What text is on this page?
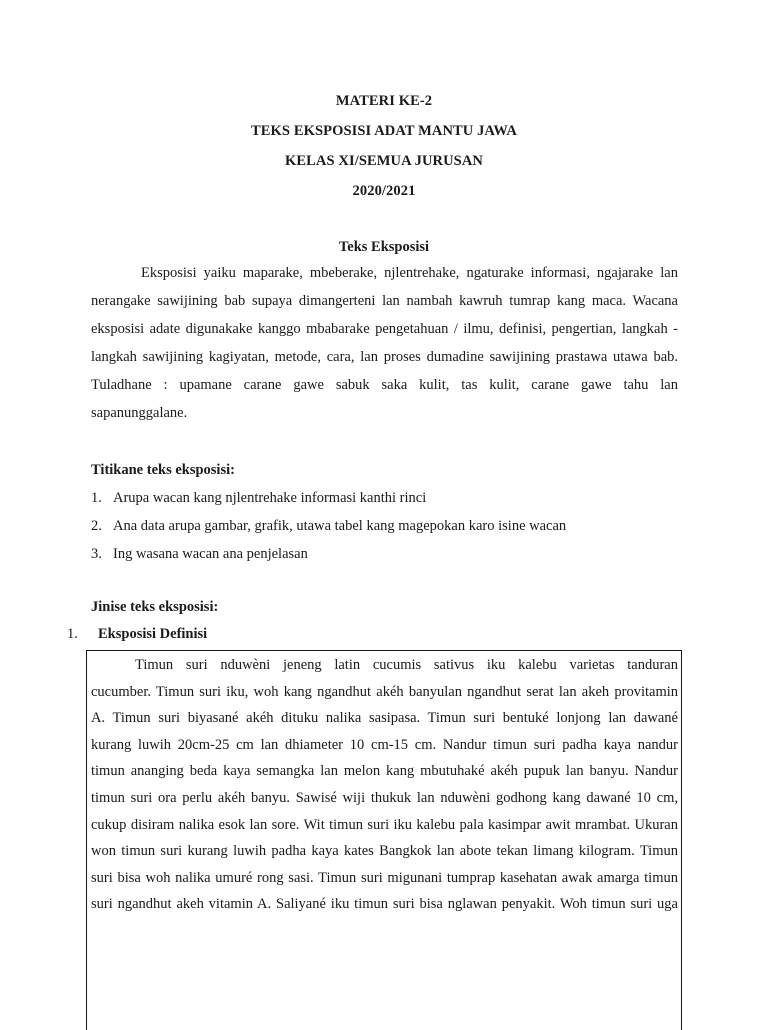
MATERI KE-2
TEKS EKSPOSISI ADAT MANTU JAWA
KELAS XI/SEMUA JURUSAN
2020/2021
Teks Eksposisi
Eksposisi yaiku maparake, mbeberake, njlentrehake, ngaturake informasi, ngajarake lan
nerangake sawijining bab supaya dimangerteni lan nambah kawruh tumrap kang maca. Wacana
eksposisi adate digunakake kanggo mbabarake pengetahuan / ilmu, definisi, pengertian, langkah -
langkah sawijining kagiyatan, metode, cara, lan proses dumadine sawijining prastawa utawa bab.
Tuladhane : upamane carane gawe sabuk saka kulit, tas kulit, carane gawe tahu lan
sapanunggalane.
Titikane teks eksposisi:
1. Arupa wacan kang njlentrehake informasi kanthi rinci
2. Ana data arupa gambar, grafik, utawa tabel kang magepokan karo isine wacan
3. Ing wasana wacan ana penjelasan
Jinise teks eksposisi:
1. Eksposisi Definisi
Timun suri nduwèni jeneng latin cucumis sativus iku kalebu varietas tanduran
cucumber. Timun suri iku, woh kang ngandhut akéh banyulan ngandhut serat lan akeh provitamin
A. Timun suri biyasané akéh dituku nalika sasipasa. Timun suri bentuké lonjong lan dawané
kurang luwih 20cm-25 cm lan dhiameter 10 cm-15 cm. Nandur timun suri padha kaya nandur
timun ananging beda kaya semangka lan melon kang mbutuhaké akéh pupuk lan banyu. Nandur
timun suri ora perlu akéh banyu. Sawisé wiji thukuk lan nduwèni godhong kang dawané 10 cm,
cukup disiram nalika esok lan sore. Wit timun suri iku kalebu pala kasimpar awit mrambat. Ukuran
won timun suri kurang luwih padha kaya kates Bangkok lan abote tekan limang kilogram. Timun
suri bisa woh nalika umuré rong sasi. Timun suri migunani tumprap kasehatan awak amarga timun
suri ngandhut akeh vitamin A. Saliyané iku timun suri bisa nglawan penyakit. Woh timun suri uga
